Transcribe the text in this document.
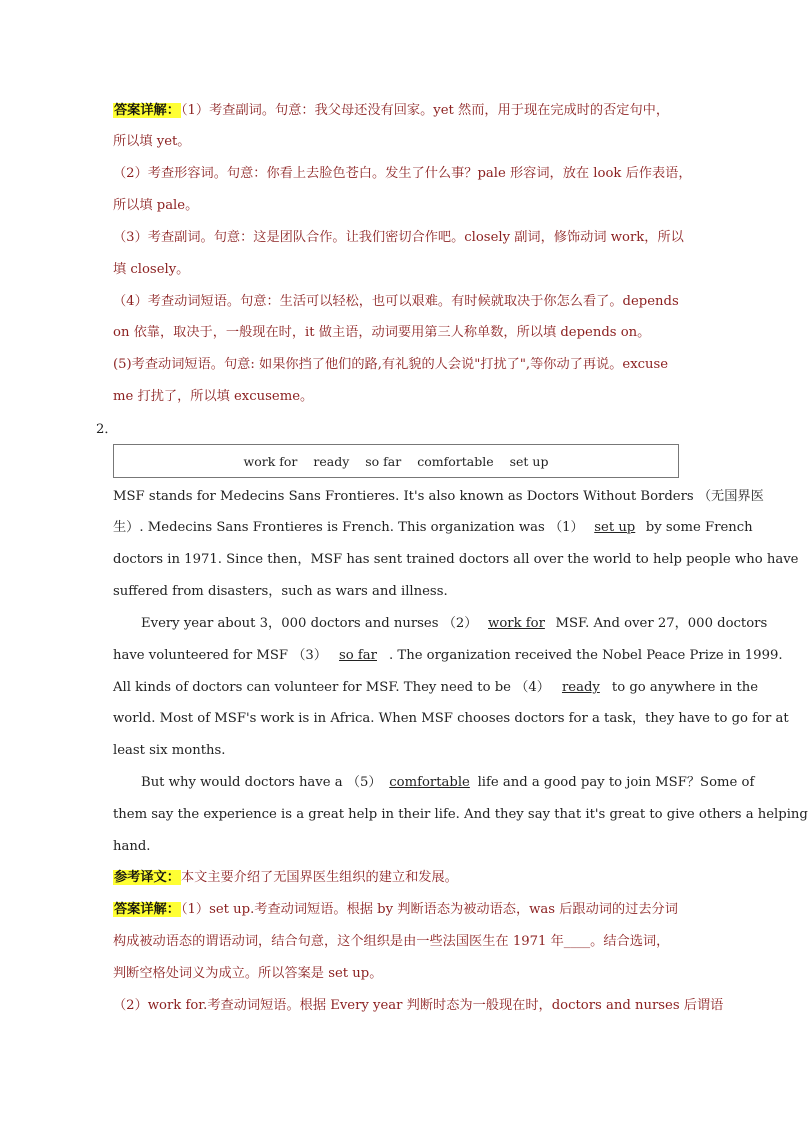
答案详解：（1）考查副词。句意：我父母还没有回家。yet 然而，用于现在完成时的否定句中，
所以填 yet。
（2）考查形容词。句意：你看上去脸色苍白。发生了什么事？pale 形容词，放在 look 后作表语，
所以填 pale。
（3）考查副词。句意：这是团队合作。让我们密切合作吧。closely 副词，修饰动词 work，所以
填 closely。
（4）考查动词短语。句意：生活可以轻松，也可以艰难。有时候就取决于你怎么看了。depends
on 依靠，取决于，一般现在时，it 做主语，动词要用第三人称单数，所以填 depends on。
(5)考查动词短语。句意: 如果你挡了他们的路,有礼貌的人会说"打扰了",等你动了再说。excuse
me 打扰了，所以填 excuseme。
2．
work for ready so far comfortable set up
MSF stands for Medecins Sans Frontieres. It's also known as Doctors Without Borders （无国界医
生）. Medecins Sans Frontieres is French. This organization was （1） set up by some French
doctors in 1971. Since then，MSF has sent trained doctors all over the world to help people who have
suffered from disasters，such as wars and illness.
Every year about 3，000 doctors and nurses （2） work for MSF. And over 27，000 doctors
have volunteered for MSF （3） so far . The organization received the Nobel Peace Prize in 1999.
All kinds of doctors can volunteer for MSF. They need to be （4） ready to go anywhere in the
world. Most of MSF's work is in Africa. When MSF chooses doctors for a task，they have to go for at
least six months.
But why would doctors have a （5） comfortable life and a good pay to join MSF？Some of
them say the experience is a great help in their life. And they say that it's great to give others a helping
hand.
参考译文：本文主要介绍了无国界医生组织的建立和发展。
答案详解：（1）set up.考查动词短语。根据 by 判断语态为被动语态，was 后跟动词的过去分词
构成被动语态的谓语动词，结合句意，这个组织是由一些法国医生在 1971 年____。结合选词，
判断空格处词义为成立。所以答案是 set up。
（2）work for.考查动词短语。根据 Every year 判断时态为一般现在时，doctors and nurses 后谓语
